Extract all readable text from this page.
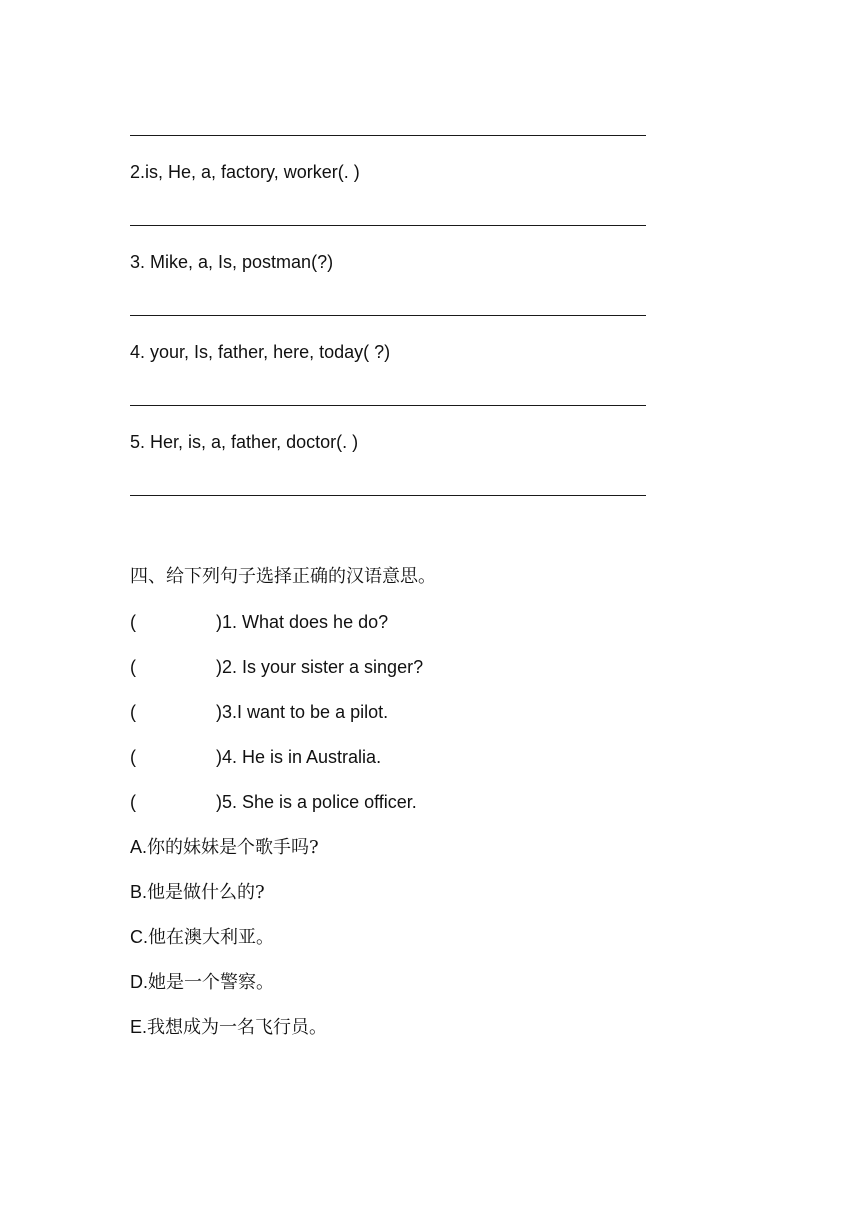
2.is, He, a, factory, worker(. )
3. Mike, a, Is, postman(?)
4. your, Is, father, here, today( ?)
5. Her, is, a, father, doctor(. )
四、给下列句子选择正确的汉语意思。
(	)1. What does he do?
(	)2. Is your sister a singer?
(	)3.I want to be a pilot.
(	)4. He is in Australia.
(	)5. She is a police officer.
A.你的妹妹是个歌手吗?
B.他是做什么的?
C.他在澳大利亚。
D.她是一个警察。
E.我想成为一名飞行员。
